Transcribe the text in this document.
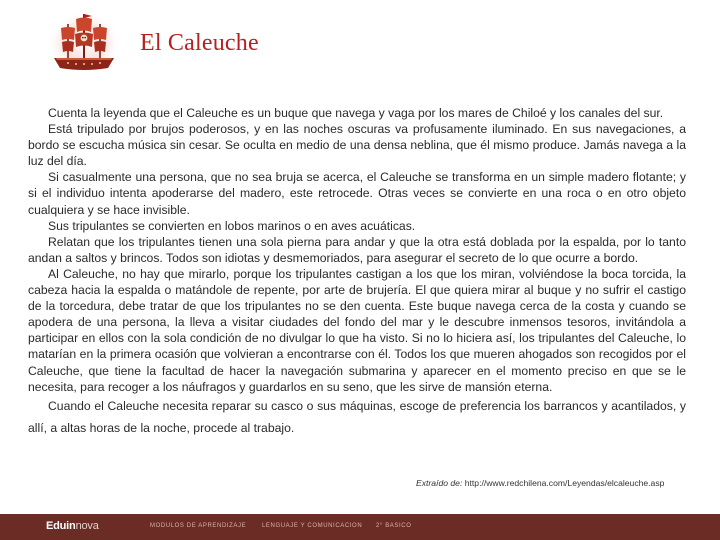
El Caleuche

Cuenta la leyenda que el Caleuche es un buque que navega y vaga por los mares de Chiloé y los canales del sur.

Está tripulado por brujos poderosos, y en las noches oscuras va profusamente iluminado. En sus navegaciones, a bordo se escucha música sin cesar. Se oculta en medio de una densa neblina, que él mismo produce. Jamás navega a la luz del día.

Si casualmente una persona, que no sea bruja se acerca, el Caleuche se transforma en un simple madero flotante; y si el individuo intenta apoderarse del madero, este retrocede. Otras veces se convierte en una roca o en otro objeto cualquiera y se hace invisible.

Sus tripulantes se convierten en lobos marinos o en aves acuáticas.

Relatan que los tripulantes tienen una sola pierna para andar y que la otra está doblada por la espalda, por lo tanto andan a saltos y brincos. Todos son idiotas y desmemoriados, para asegurar el secreto de lo que ocurre a bordo.

Al Caleuche, no hay que mirarlo, porque los tripulantes castigan a los que los miran, volviéndose la boca torcida, la cabeza hacia la espalda o matándole de repente, por arte de brujería. El que quiera mirar al buque y no sufrir el castigo de la torcedura, debe tratar de que los tripulantes no se den cuenta. Este buque navega cerca de la costa y cuando se apodera de una persona, la lleva a visitar ciudades del fondo del mar y le descubre inmensos tesoros, invitándola a participar en ellos con la sola condición de no divulgar lo que ha visto. Si no lo hiciera así, los tripulantes del Caleuche, lo matarían en la primera ocasión que volvieran a encontrarse con él. Todos los que mueren ahogados son recogidos por el Caleuche, que tiene la facultad de hacer la navegación submarina y aparecer en el momento preciso en que se le necesita, para recoger a los náufragos y guardarlos en su seno, que les sirve de mansión eterna.

Cuando el Caleuche necesita reparar su casco o sus máquinas, escoge de preferencia los barrancos y acantilados, y allí, a altas horas de la noche, procede al trabajo.

Extraído de: http://www.redchilena.com/Leyendas/elcaleuche.asp
Eduinnova	MODULOS DE APRENDIZAJE	LENGUAJE Y COMUNICACION 2° BASICO
